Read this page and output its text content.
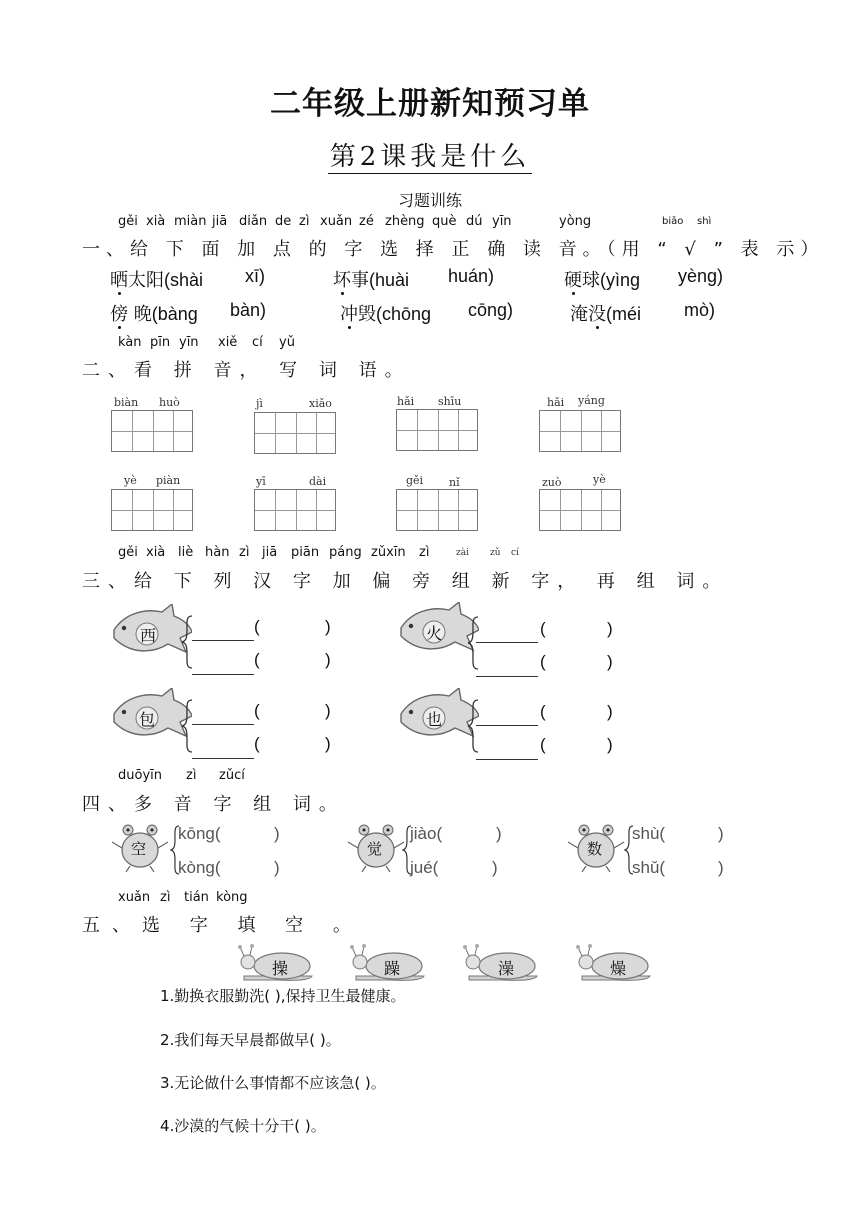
二年级上册新知预习单
第2课我是什么
习题训练
gěi xià miàn jiā diǎn de zì xuǎn zé zhèng què dú yīn	yòng	biǎo shì
一、给 下 面 加 点 的 字 选 择 正 确 读 音。（用 “ √ ” 表 示）
晒太阳(shài xī)	坏事(huài huán)	硬球(yìng yèng)
傍 晚(bàng bàn)	冲毁(chōng cōng)	淹没(méi mò)
kàn pīn yīn xiě cí yǔ
二、看 拼 音， 写 词 语。
biàn huò	jì	xiǎo	hǎi shīu	hǎi yáng
yè piàn	yī	dài	gěi nǐ	zuò	yè
gěi xià liè hàn zì jiā piān páng zǔxīn zì	zài zǔ cí
三、给 下 列 汉 字 加 偏 旁 组 新 字， 再 组 词。
西	(	)
(	)
火	(	)
(	)
包	(	)
(	)
也	(	)
(	)
duōyīn zì zǔcí
四、多 音 字 组 词。
空
kōng(	)
kòng(	)
觉
jiào(	)
jué(	)
数
shù(	)
shǔ(	)
xuǎn zì tián kòng
五、选 字 填 空 。
操	躁	澡	燥
1.勤换衣服勤洗( ),保持卫生最健康。
2.我们每天早晨都做早( )。
3.无论做什么事情都不应该急( )。
4.沙漠的气候十分干( )。
